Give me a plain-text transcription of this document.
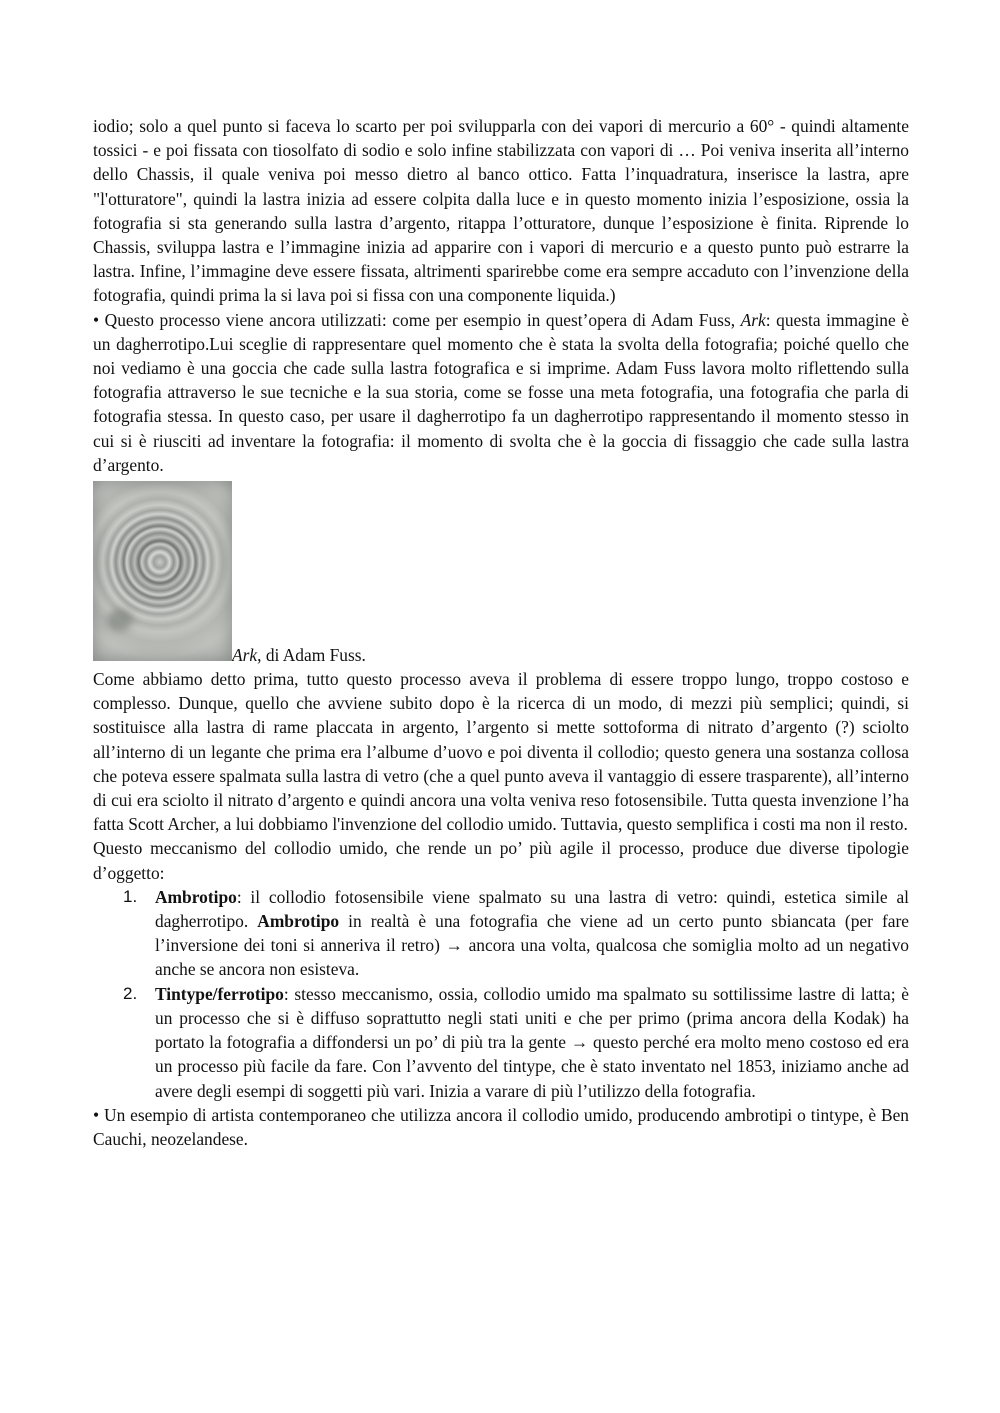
iodio; solo a quel punto si faceva lo scarto per poi svilupparla con dei vapori di mercurio a 60° - quindi altamente tossici - e poi fissata con tiosolfato di sodio e solo infine stabilizzata con vapori di … Poi veniva inserita all’interno dello Chassis, il quale veniva poi messo dietro al banco ottico. Fatta l’inquadratura, inserisce la lastra, apre "l'otturatore", quindi la lastra inizia ad essere colpita dalla luce e in questo momento inizia l’esposizione, ossia la fotografia si sta generando sulla lastra d’argento, ritappa l’otturatore, dunque l’esposizione è finita. Riprende lo Chassis, sviluppa lastra e l’immagine inizia ad apparire con i vapori di mercurio e a questo punto può estrarre la lastra. Infine, l’immagine deve essere fissata, altrimenti sparirebbe come era sempre accaduto con l’invenzione della fotografia, quindi prima la si lava poi si fissa con una componente liquida.)

• Questo processo viene ancora utilizzati: come per esempio in quest’opera di Adam Fuss, Ark: questa immagine è un dagherrotipo.Lui sceglie di rappresentare quel momento che è stata la svolta della fotografia; poiché quello che noi vediamo è una goccia che cade sulla lastra fotografica e si imprime. Adam Fuss lavora molto riflettendo sulla fotografia attraverso le sue tecniche e la sua storia, come se fosse una meta fotografia, una fotografia che parla di fotografia stessa. In questo caso, per usare il dagherrotipo fa un dagherrotipo rappresentando il momento stesso in cui si è riusciti ad inventare la fotografia: il momento di svolta che è la goccia di fissaggio che cade sulla lastra d’argento.

Ark, di Adam Fuss.

Come abbiamo detto prima, tutto questo processo aveva il problema di essere troppo lungo, troppo costoso e complesso. Dunque, quello che avviene subito dopo è la ricerca di un modo, di mezzi più semplici; quindi, si sostituisce alla lastra di rame placcata in argento, l’argento si mette sottoforma di nitrato d’argento (?) sciolto all’interno di un legante che prima era l’albume d’uovo e poi diventa il collodio; questo genera una sostanza collosa che poteva essere spalmata sulla lastra di vetro (che a quel punto aveva il vantaggio di essere trasparente), all’interno di cui era sciolto il nitrato d’argento e quindi ancora una volta veniva reso fotosensibile. Tutta questa invenzione l’ha fatta Scott Archer, a lui dobbiamo l'invenzione del collodio umido. Tuttavia, questo semplifica i costi ma non il resto.

Questo meccanismo del collodio umido, che rende un po’ più agile il processo, produce due diverse tipologie d’oggetto:

1. Ambrotipo: il collodio fotosensibile viene spalmato su una lastra di vetro: quindi, estetica simile al dagherrotipo. Ambrotipo in realtà è una fotografia che viene ad un certo punto sbiancata (per fare l’inversione dei toni si anneriva il retro) → ancora una volta, qualcosa che somiglia molto ad un negativo anche se ancora non esisteva.
2. Tintype/ferrotipo: stesso meccanismo, ossia, collodio umido ma spalmato su sottilissime lastre di latta; è un processo che si è diffuso soprattutto negli stati uniti e che per primo (prima ancora della Kodak) ha portato la fotografia a diffondersi un po’ di più tra la gente → questo perché era molto meno costoso ed era un processo più facile da fare. Con l’avvento del tintype, che è stato inventato nel 1853, iniziamo anche ad avere degli esempi di soggetti più vari. Inizia a varare di più l’utilizzo della fotografia.

• Un esempio di artista contemporaneo che utilizza ancora il collodio umido, producendo ambrotipi o tintype, è Ben Cauchi, neozelandese.
